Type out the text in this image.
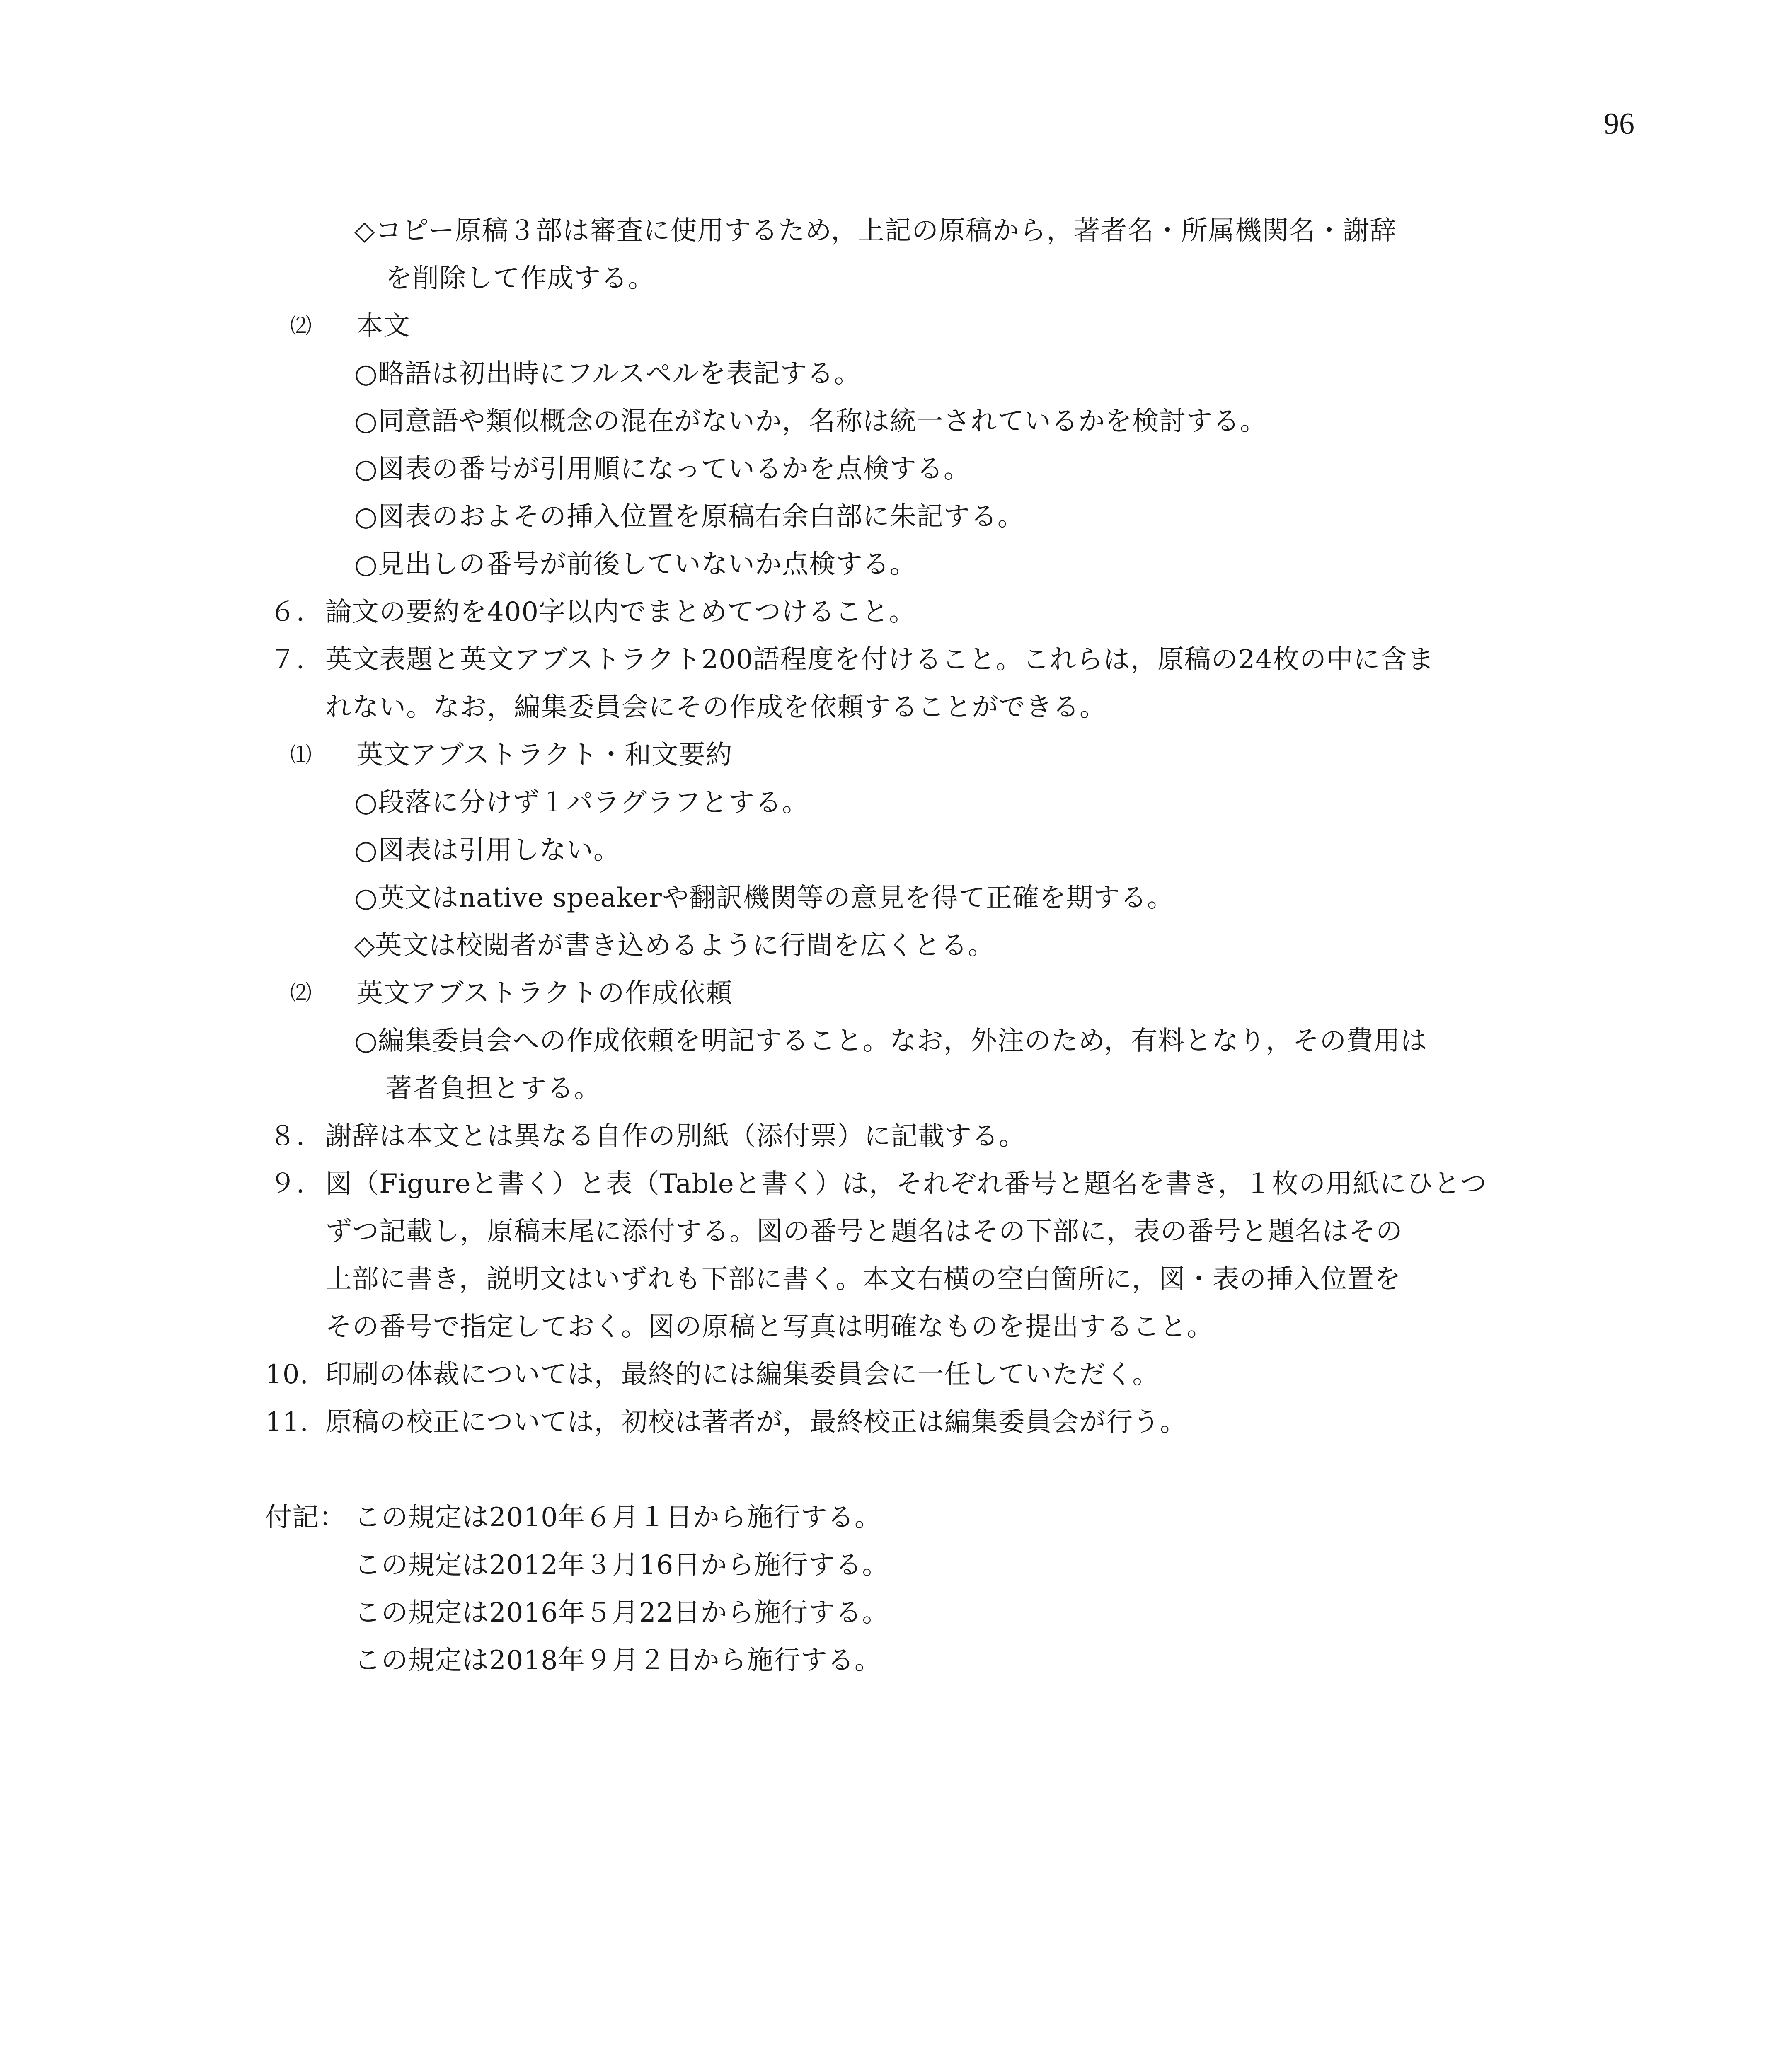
96
◇コピー原稿３部は審査に使用するため，上記の原稿から，著者名・所属機関名・謝辞
を削除して作成する。
⑵ 本文
○略語は初出時にフルスペルを表記する。
○同意語や類似概念の混在がないか，名称は統一されているかを検討する。
○図表の番号が引用順になっているかを点検する。
○図表のおよその挿入位置を原稿右余白部に朱記する。
○見出しの番号が前後していないか点検する。
６． 論文の要約を400字以内でまとめてつけること。
７． 英文表題と英文アブストラクト200語程度を付けること。これらは，原稿の24枚の中に含ま
れない。なお，編集委員会にその作成を依頼することができる。
⑴ 英文アブストラクト・和文要約
○段落に分けず１パラグラフとする。
○図表は引用しない。
○英文はnative speakerや翻訳機関等の意見を得て正確を期する。
◇英文は校閲者が書き込めるように行間を広くとる。
⑵ 英文アブストラクトの作成依頼
○編集委員会への作成依頼を明記すること。なお，外注のため，有料となり，その費用は
著者負担とする。
８． 謝辞は本文とは異なる自作の別紙（添付票）に記載する。
９． 図（Figureと書く）と表（Tableと書く）は，それぞれ番号と題名を書き，１枚の用紙にひとつ
ずつ記載し，原稿末尾に添付する。図の番号と題名はその下部に，表の番号と題名はその
上部に書き，説明文はいずれも下部に書く。本文右横の空白箇所に，図・表の挿入位置を
その番号で指定しておく。図の原稿と写真は明確なものを提出すること。
10. 印刷の体裁については，最終的には編集委員会に一任していただく。
11. 原稿の校正については，初校は著者が，最終校正は編集委員会が行う。
付記： この規定は2010年６月１日から施行する。
この規定は2012年３月16日から施行する。
この規定は2016年５月22日から施行する。
この規定は2018年９月２日から施行する。
